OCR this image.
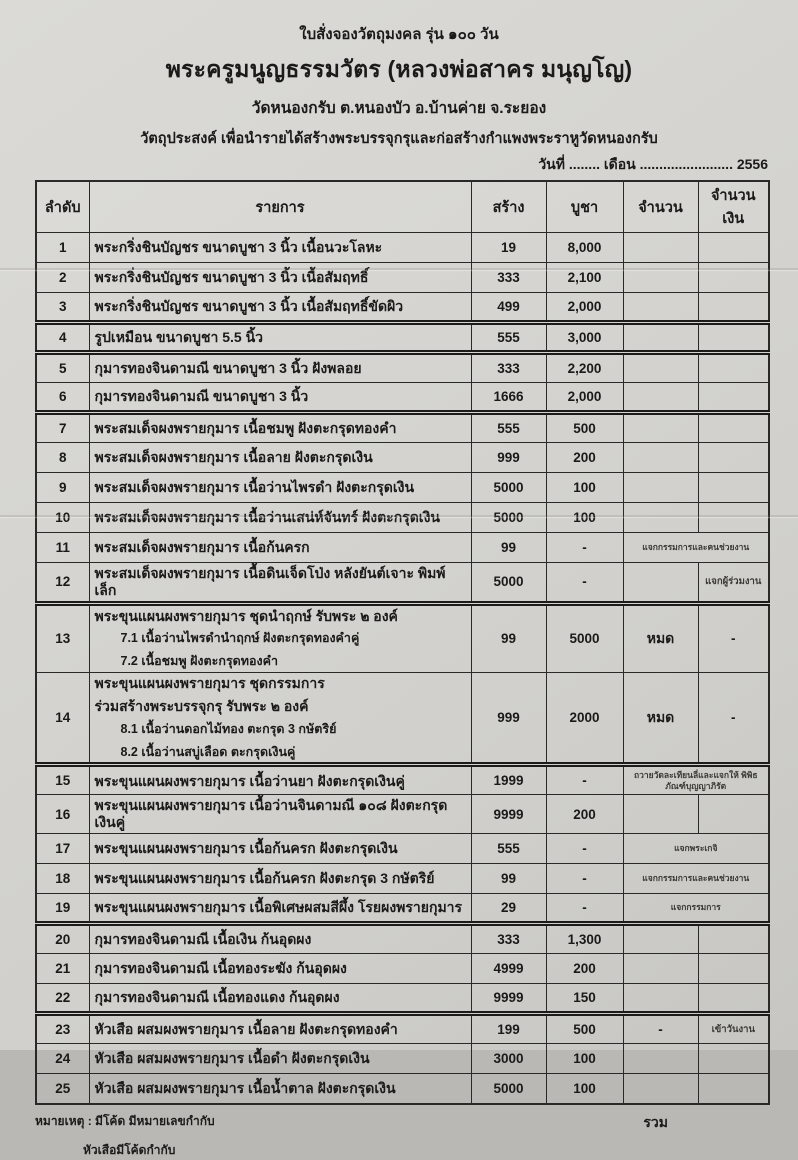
ใบสั่งจองวัตถุมงคล รุ่น ๑๐๐ วัน
พระครูมนูญธรรมวัตร (หลวงพ่อสาคร มนุญโญ)
วัดหนองกรับ ต.หนองบัว อ.บ้านค่าย จ.ระยอง
วัตถุประสงค์ เพื่อนำรายได้สร้างพระบรรจุกรุและก่อสร้างกำแพงพระราหูวัดหนองกรับ
วันที่ ........ เดือน ........................ 2556
ลำดับ	รายการ	สร้าง	บูชา	จำนวน	จำนวนเงิน
1	พระกริ่งชินบัญชร ขนาดบูชา 3 นิ้ว เนื้อนวะโลหะ	19	8,000		
2	พระกริ่งชินบัญชร ขนาดบูชา 3 นิ้ว เนื้อสัมฤทธิ์	333	2,100		
3	พระกริ่งชินบัญชร ขนาดบูชา 3 นิ้ว เนื้อสัมฤทธิ์ขัดผิว	499	2,000		
4	รูปเหมือน ขนาดบูชา 5.5 นิ้ว	555	3,000		
5	กุมารทองจินดามณี ขนาดบูชา 3 นิ้ว ฝังพลอย	333	2,200		
6	กุมารทองจินดามณี ขนาดบูชา 3 นิ้ว	1666	2,000		
7	พระสมเด็จผงพรายกุมาร เนื้อชมพู ฝังตะกรุดทองคำ	555	500		
8	พระสมเด็จผงพรายกุมาร เนื้อลาย ฝังตะกรุดเงิน	999	200		
9	พระสมเด็จผงพรายกุมาร เนื้อว่านไพรดำ ฝังตะกรุดเงิน	5000	100		
10	พระสมเด็จผงพรายกุมาร เนื้อว่านเสน่ห์จันทร์ ฝังตะกรุดเงิน	5000	100		
11	พระสมเด็จผงพรายกุมาร เนื้อก้นครก	99	-	แจกกรรมการและคนช่วยงาน	
12	พระสมเด็จผงพรายกุมาร เนื้อดินเจ็ดโป่ง หลังยันต์เจาะ พิมพ์เล็ก	5000	-		แจกผู้ร่วมงาน
13	พระขุนแผนผงพรายกุมาร ชุดนำฤกษ์ รับพระ ๒ องค์
7.1 เนื้อว่านไพรดำนำฤกษ์ ฝังตะกรุดทองคำคู่
7.2 เนื้อชมพู ฝังตะกรุดทองคำ	99	5000	หมด	-
14	พระขุนแผนผงพรายกุมาร ชุดกรรมการ
ร่วมสร้างพระบรรจุกรุ รับพระ ๒ องค์
8.1 เนื้อว่านดอกไม้ทอง ตะกรุด 3 กษัตริย์
8.2 เนื้อว่านสบู่เลือด ตะกรุดเงินคู่	999	2000	หมด	-
15	พระขุนแผนผงพรายกุมาร เนื้อว่านยา ฝังตะกรุดเงินคู่	1999	-	ถวายวัดละเทียนลี่และแจกให้ พิพิธภัณฑ์บุญญาภิรัต	
16	พระขุนแผนผงพรายกุมาร เนื้อว่านจินดามณี ๑๐๘ ฝังตะกรุดเงินคู่	9999	200		
17	พระขุนแผนผงพรายกุมาร เนื้อก้นครก ฝังตะกรุดเงิน	555	-	แจกพระเกจิ	
18	พระขุนแผนผงพรายกุมาร เนื้อก้นครก ฝังตะกรุด 3 กษัตริย์	99	-	แจกกรรมการและคนช่วยงาน	
19	พระขุนแผนผงพรายกุมาร เนื้อพิเศษผสมสีผึ้ง โรยผงพรายกุมาร	29	-	แจกกรรมการ	
20	กุมารทองจินดามณี เนื้อเงิน ก้นอุดผง	333	1,300		
21	กุมารทองจินดามณี เนื้อทองระฆัง ก้นอุดผง	4999	200		
22	กุมารทองจินดามณี เนื้อทองแดง ก้นอุดผง	9999	150		
23	หัวเสือ ผสมผงพรายกุมาร เนื้อลาย ฝังตะกรุดทองคำ	199	500	-	เข้าวันงาน
24	หัวเสือ ผสมผงพรายกุมาร เนื้อดำ ฝังตะกรุดเงิน	3000	100		
25	หัวเสือ ผสมผงพรายกุมาร เนื้อน้ำตาล ฝังตะกรุดเงิน	5000	100		
หมายเหตุ : มีโค้ด มีหมายเลขกำกับ
หัวเสือมีโค้ดกำกับ
รวม
